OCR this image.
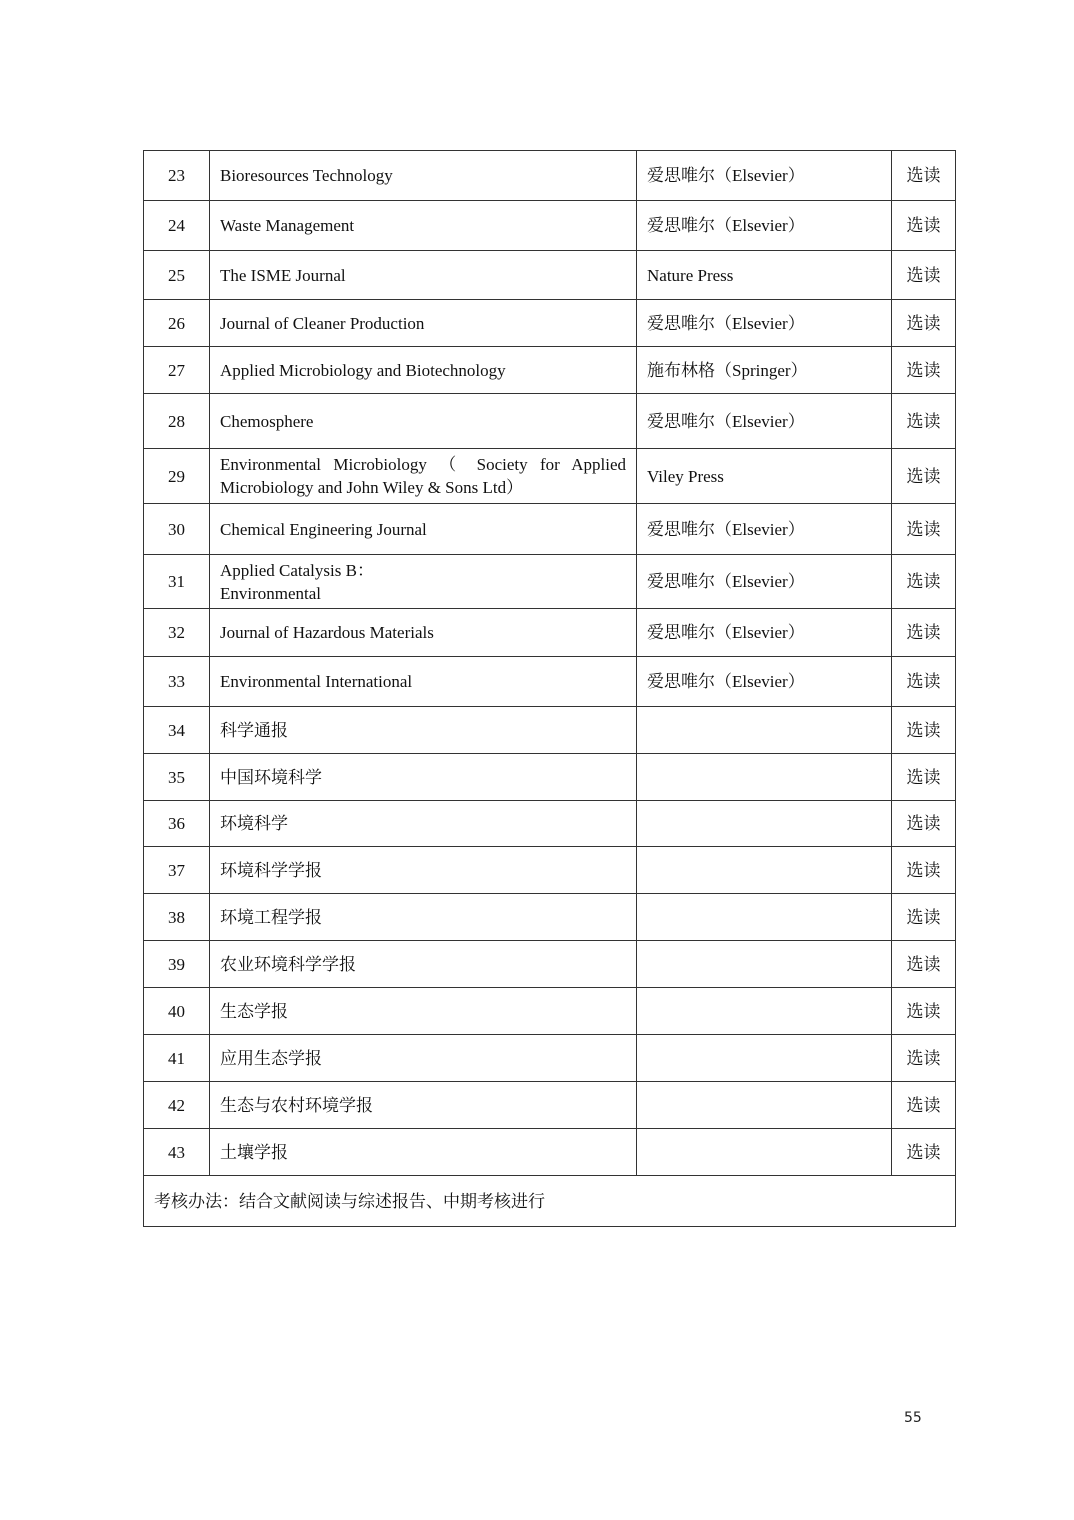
23	Bioresources Technology	爱思唯尔（Elsevier）	选读
24	Waste Management	爱思唯尔（Elsevier）	选读
25	The ISME Journal	Nature Press	选读
26	Journal of Cleaner Production	爱思唯尔（Elsevier）	选读
27	Applied Microbiology and Biotechnology	施布林格（Springer）	选读
28	Chemosphere	爱思唯尔（Elsevier）	选读
29	Environmental Microbiology （ Society for Applied Microbiology and John Wiley & Sons Ltd）	Viley Press	选读
30	Chemical Engineering Journal	爱思唯尔（Elsevier）	选读
31	Applied Catalysis B：
Environmental	爱思唯尔（Elsevier）	选读
32	Journal of Hazardous Materials	爱思唯尔（Elsevier）	选读
33	Environmental International	爱思唯尔（Elsevier）	选读
34	科学通报		选读
35	中国环境科学		选读
36	环境科学		选读
37	环境科学学报		选读
38	环境工程学报		选读
39	农业环境科学学报		选读
40	生态学报		选读
41	应用生态学报		选读
42	生态与农村环境学报		选读
43	土壤学报		选读
考核办法：结合文献阅读与综述报告、中期考核进行			
55
